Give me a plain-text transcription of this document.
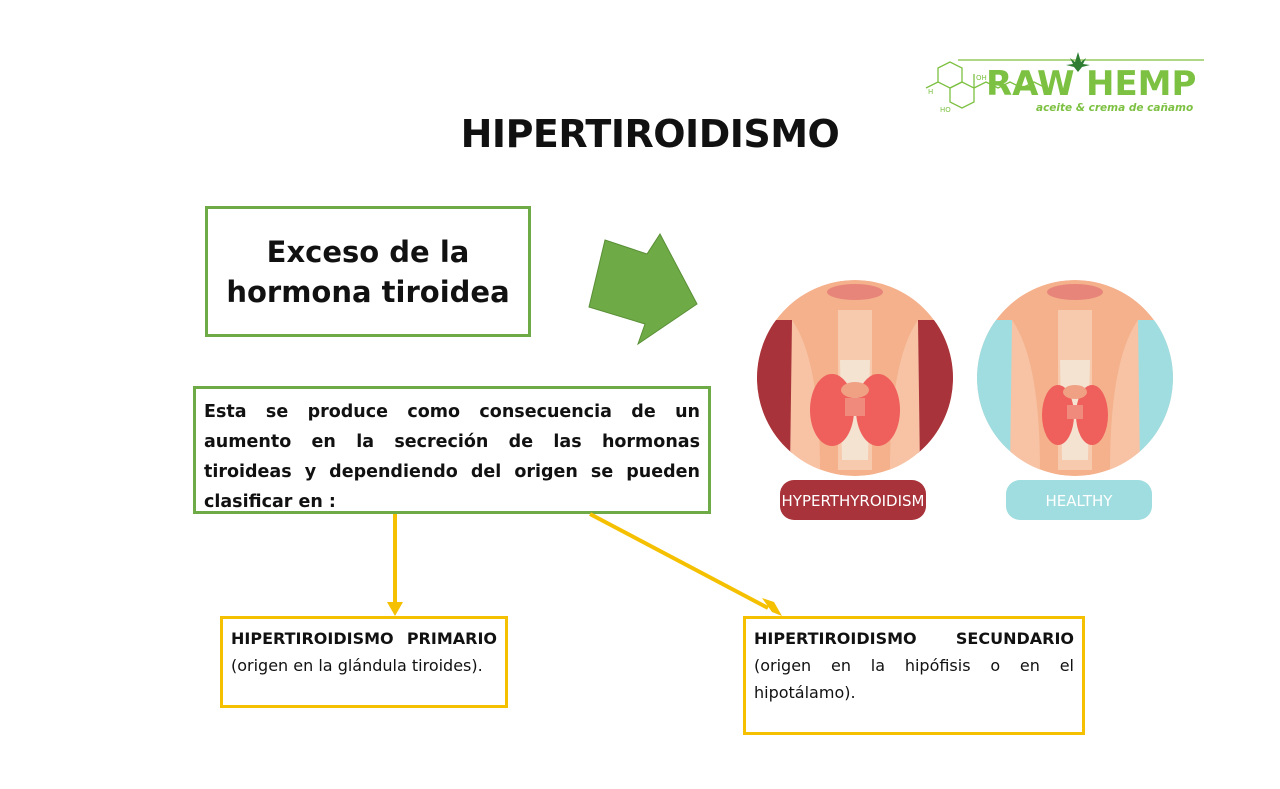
OH
HO
H RAW HEMP
aceite & crema de cañamo
HIPERTIROIDISMO
Exceso de la
hormona tiroidea
Esta se produce como consecuencia de un aumento en la secreción de las hormonas tiroideas y dependiendo del origen se pueden clasificar en :
HIPERTIROIDISMO PRIMARIO
(origen en la glándula tiroides).
HIPERTIROIDISMO SECUNDARIO
(origen en la hipófisis o en el hipotálamo).
HYPERTHYROIDISM	HEALTHY
